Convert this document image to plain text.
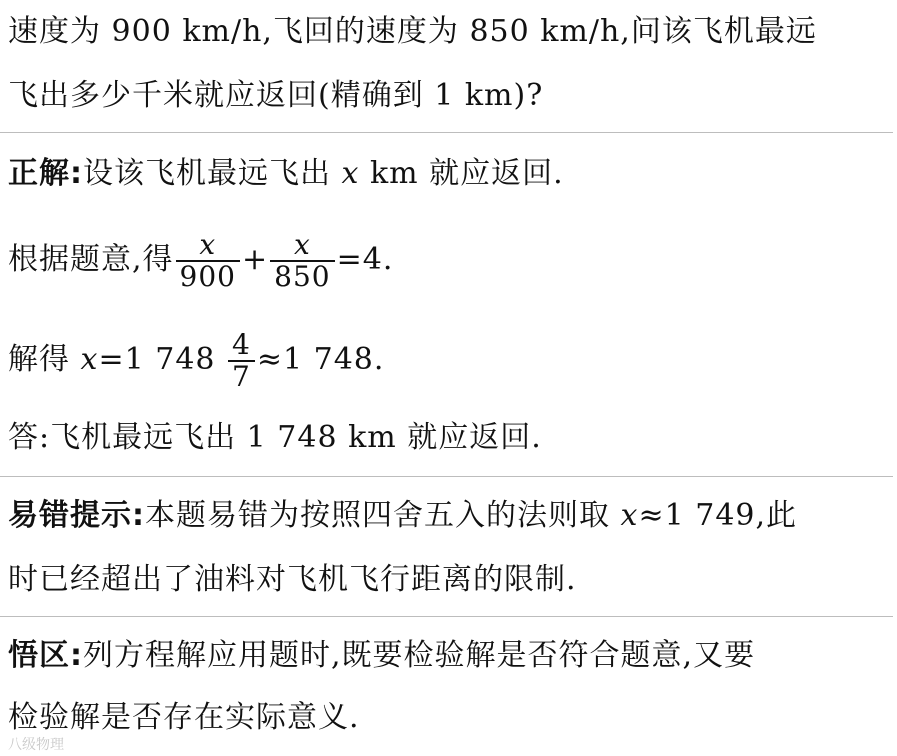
速度为 900 km/h,飞回的速度为 850 km/h,问该飞机最远
飞出多少千米就应返回(精确到 1 km)?
正解:设该飞机最远飞出 x km 就应返回.
根据题意,得 $\frac{x}{900} + \frac{x}{850} =4$.
解得 x=1 $748 \frac{4}{7} \approx 1$ 748.
答:飞机最远飞出 1 748 km 就应返回.
易错提示:本题易错为按照四舍五入的法则取 x≈1 749,此
时已经超出了油料对飞机飞行距离的限制.
悟区:列方程解应用题时,既要检验解是否符合题意,又要
检验解是否存在实际意义.
八级物理
